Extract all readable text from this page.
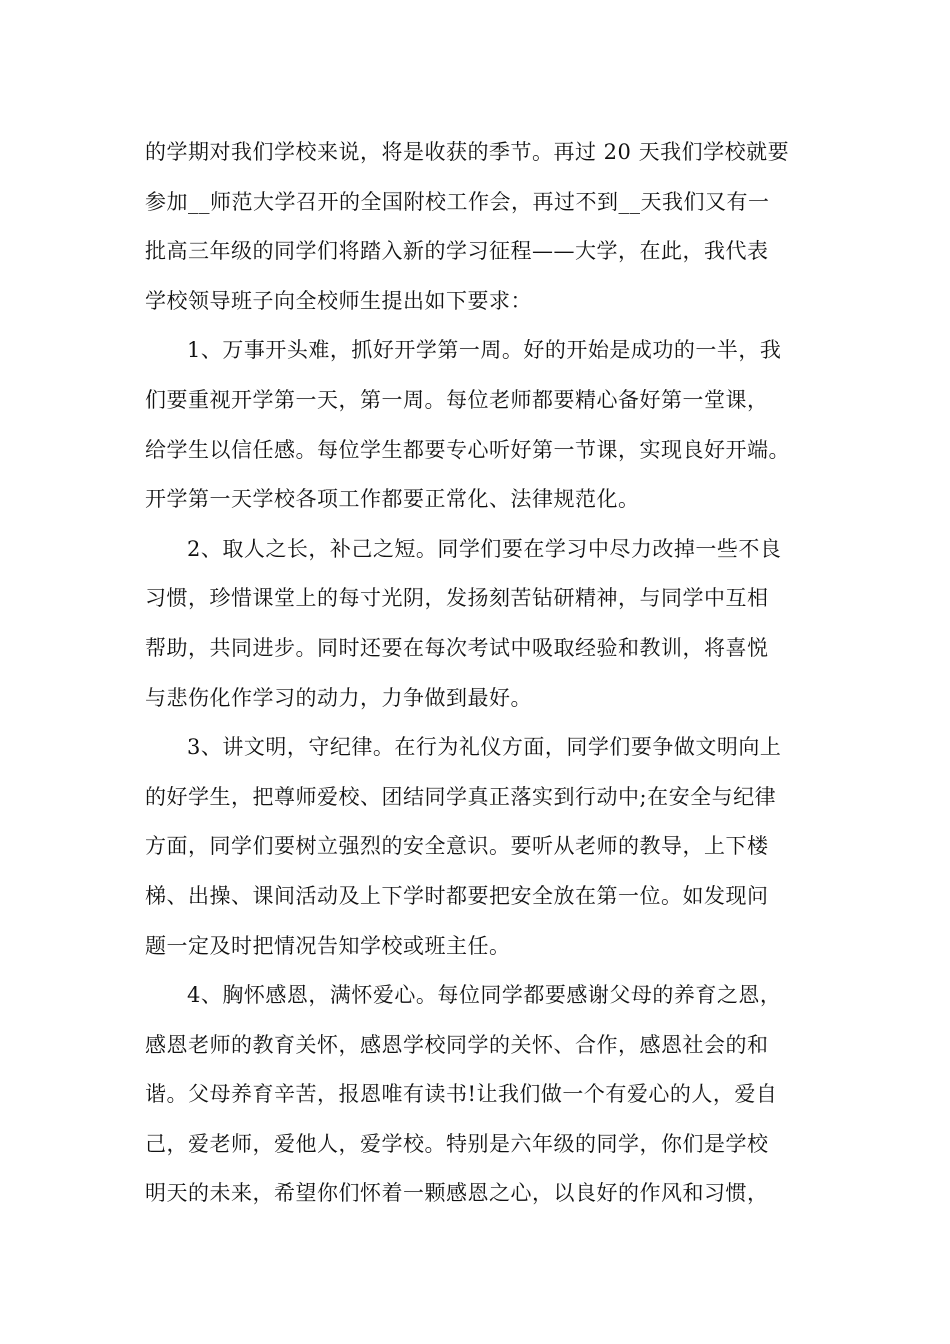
的学期对我们学校来说，将是收获的季节。再过 20 天我们学校就要
参加__师范大学召开的全国附校工作会，再过不到__天我们又有一
批高三年级的同学们将踏入新的学习征程——大学，在此，我代表
学校领导班子向全校师生提出如下要求：
1、万事开头难，抓好开学第一周。好的开始是成功的一半，我
们要重视开学第一天，第一周。每位老师都要精心备好第一堂课，
给学生以信任感。每位学生都要专心听好第一节课，实现良好开端。
开学第一天学校各项工作都要正常化、法律规范化。
2、取人之长，补己之短。同学们要在学习中尽力改掉一些不良
习惯，珍惜课堂上的每寸光阴，发扬刻苦钻研精神，与同学中互相
帮助，共同进步。同时还要在每次考试中吸取经验和教训，将喜悦
与悲伤化作学习的动力，力争做到最好。
3、讲文明，守纪律。在行为礼仪方面，同学们要争做文明向上
的好学生，把尊师爱校、团结同学真正落实到行动中;在安全与纪律
方面，同学们要树立强烈的安全意识。要听从老师的教导，上下楼
梯、出操、课间活动及上下学时都要把安全放在第一位。如发现问
题一定及时把情况告知学校或班主任。
4、胸怀感恩，满怀爱心。每位同学都要感谢父母的养育之恩，
感恩老师的教育关怀，感恩学校同学的关怀、合作，感恩社会的和
谐。父母养育辛苦，报恩唯有读书!让我们做一个有爱心的人，爱自
己，爱老师，爱他人，爱学校。特别是六年级的同学，你们是学校
明天的未来，希望你们怀着一颗感恩之心，以良好的作风和习惯，
